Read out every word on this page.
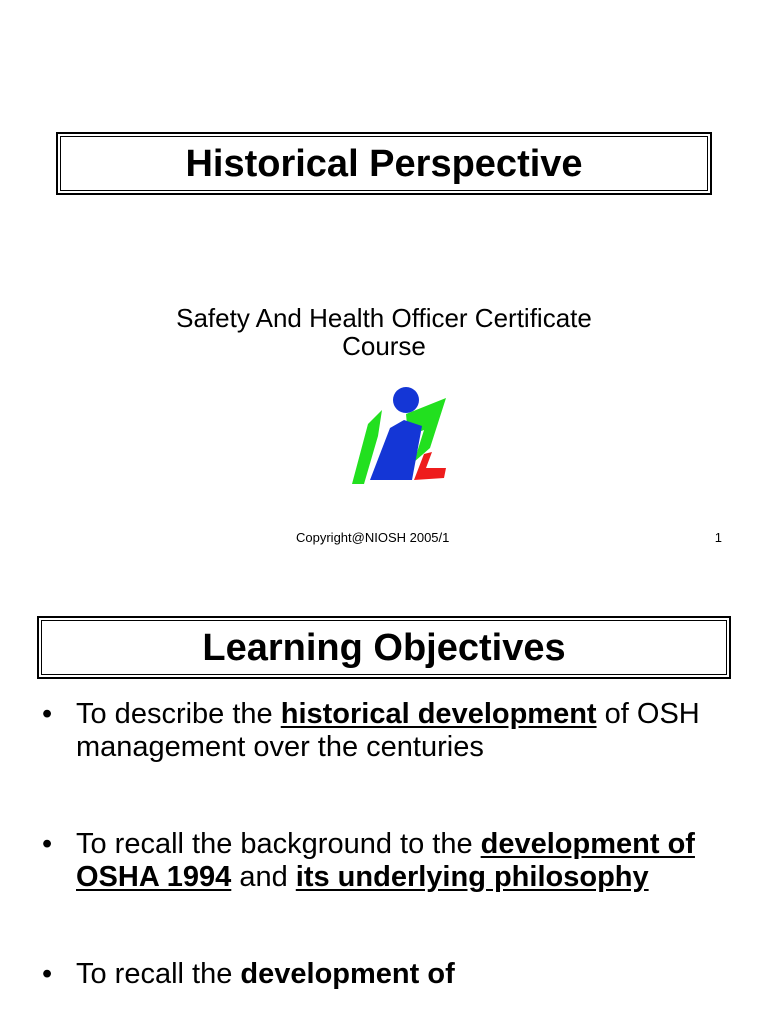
Historical Perspective
Safety And Health Officer Certificate Course
Copyright@NIOSH 2005/1	1
Learning Objectives
• To describe the historical development of OSH management over the centuries
• To recall the background to the development of OSHA 1994 and its underlying philosophy
• To recall the development of
